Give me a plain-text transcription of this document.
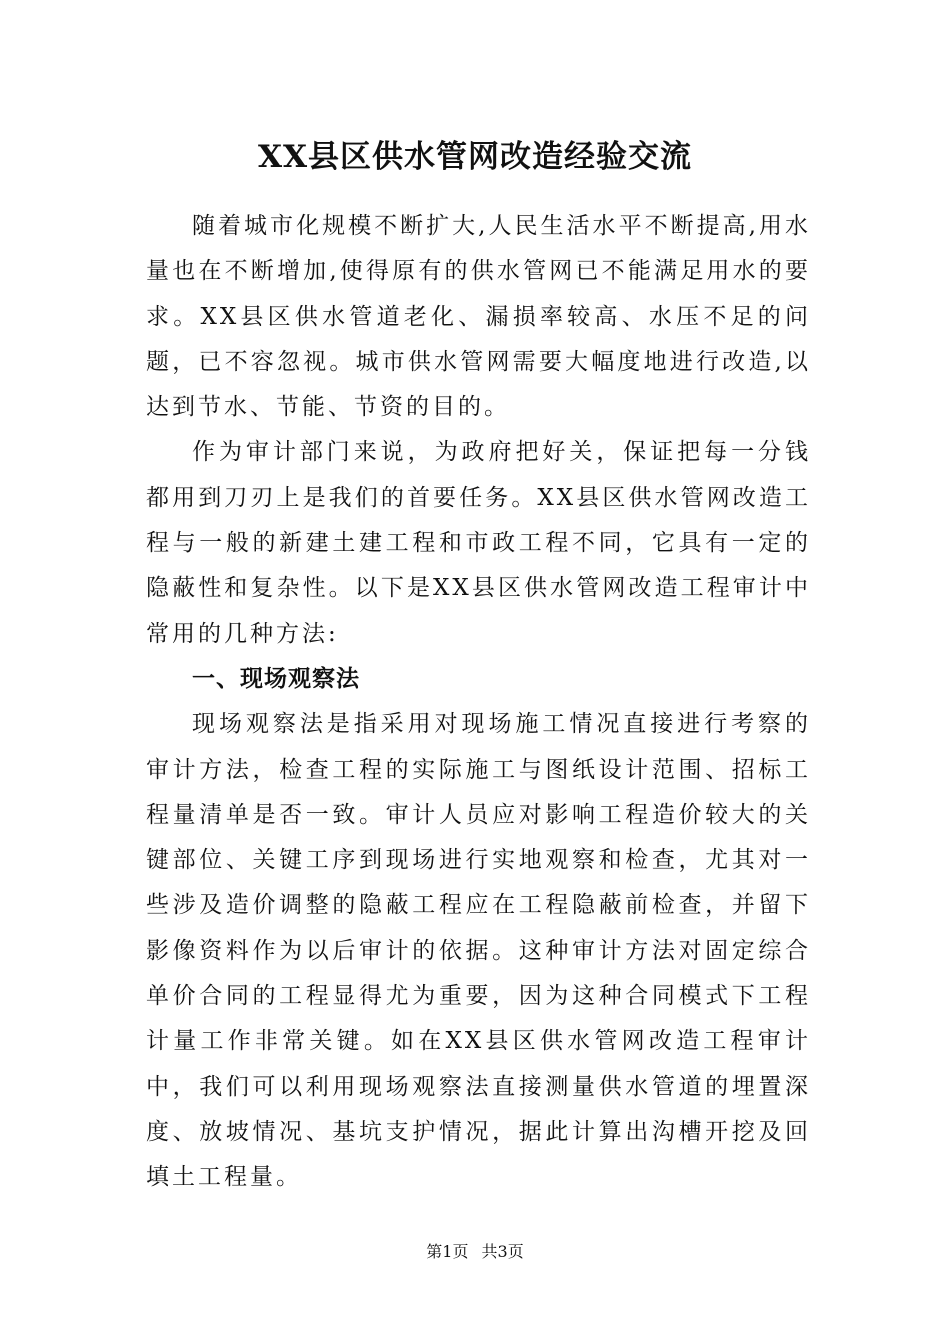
XX县区供水管网改造经验交流

随着城市化规模不断扩大,人民生活水平不断提高,用水量也在不断增加,使得原有的供水管网已不能满足用水的要求。XX县区供水管道老化、漏损率较高、水压不足的问题，已不容忽视。城市供水管网需要大幅度地进行改造,以达到节水、节能、节资的目的。

作为审计部门来说，为政府把好关，保证把每一分钱都用到刀刃上是我们的首要任务。XX县区供水管网改造工程与一般的新建土建工程和市政工程不同，它具有一定的隐蔽性和复杂性。以下是XX县区供水管网改造工程审计中常用的几种方法:

一、现场观察法

现场观察法是指采用对现场施工情况直接进行考察的审计方法，检查工程的实际施工与图纸设计范围、招标工程量清单是否一致。审计人员应对影响工程造价较大的关键部位、关键工序到现场进行实地观察和检查，尤其对一些涉及造价调整的隐蔽工程应在工程隐蔽前检查，并留下影像资料作为以后审计的依据。这种审计方法对固定综合单价合同的工程显得尤为重要，因为这种合同模式下工程计量工作非常关键。如在XX县区供水管网改造工程审计中，我们可以利用现场观察法直接测量供水管道的埋置深度、放坡情况、基坑支护情况，据此计算出沟槽开挖及回填土工程量。

第1页 共3页
